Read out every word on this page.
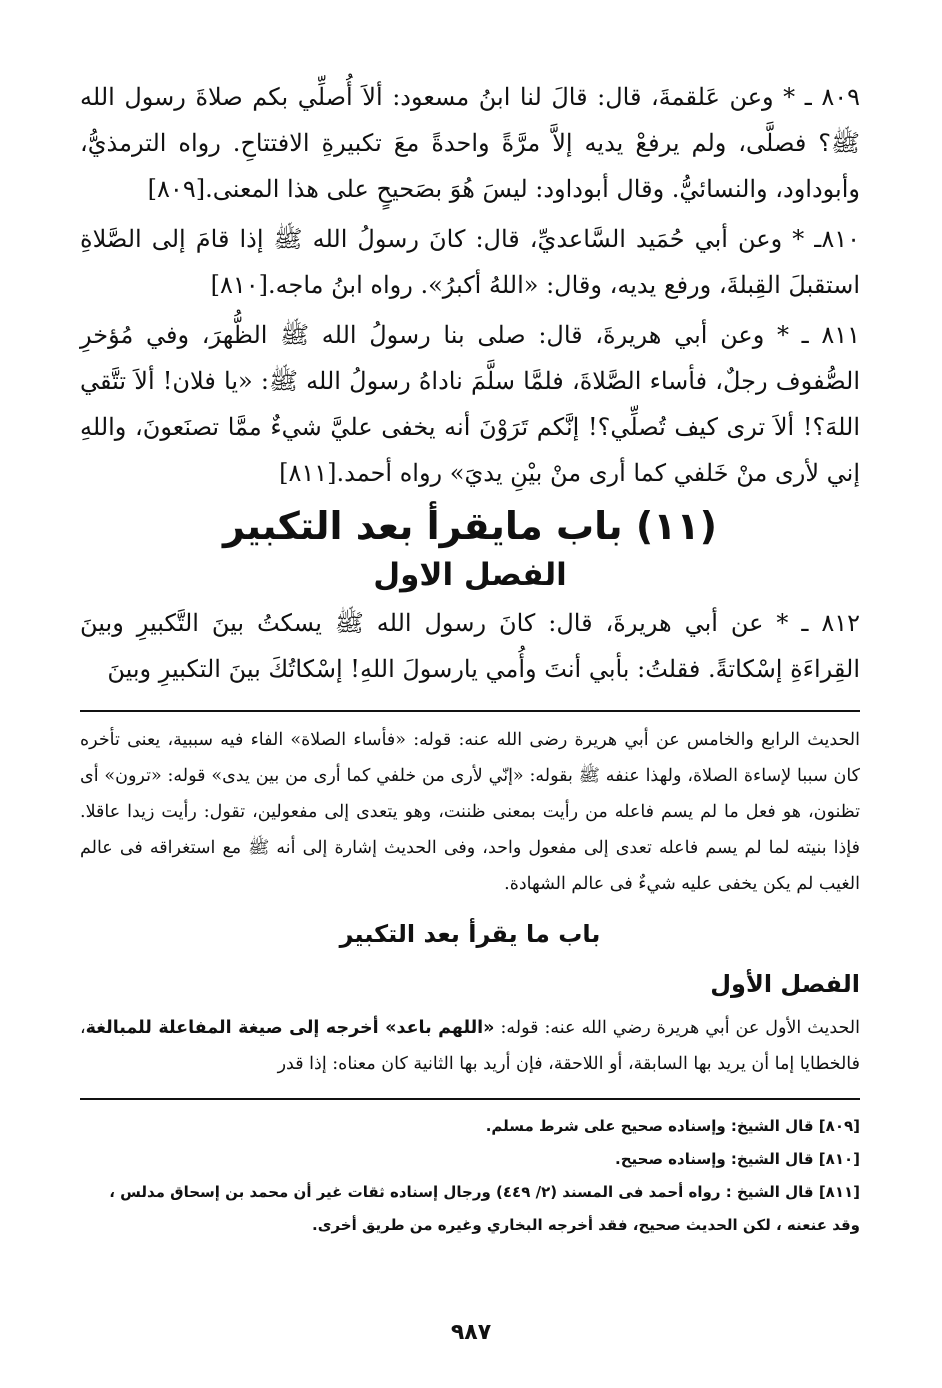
٨٠٩ ـ * وعن عَلقمةَ، قال: قالَ لنا ابنُ مسعود: ألاَ أُصلِّي بكم صلاةَ رسول الله ﷺ؟ فصلَّى، ولم يرفعْ يديه إلاَّ مرَّةً واحدةً معَ تكبيرةِ الافتتاحِ. رواه الترمذيُّ، وأبوداود، والنسائيُّ. وقال أبوداود: ليسَ هُوَ بصَحيحٍ على هذا المعنى.[٨٠٩]

٨١٠ـ * وعن أبي حُمَيد السَّاعديِّ، قال: كانَ رسولُ الله ﷺ إذا قامَ إلى الصَّلاةِ استقبلَ القِبلةَ، ورفع يديه، وقال: «اللهُ أكبرُ». رواه ابنُ ماجه.[٨١٠]

٨١١ ـ * وعن أبي هريرةَ، قال: صلى بنا رسولُ الله ﷺ الظُّهرَ، وفي مُؤخرِ الصُّفوف رجلٌ، فأساء الصَّلاةَ، فلمَّا سلَّمَ ناداهُ رسولُ الله ﷺ: «يا فلان! ألاَ تتَّقي اللهَ؟! ألاَ ترى كيف تُصلِّي؟! إنَّكم تَرَوْنَ أنه يخفى عليَّ شيءٌ ممَّا تصنَعونَ، واللهِ إني لأرى منْ خَلفي كما أرى منْ بيْنِ يديَ» رواه أحمد.[٨١١]

(١١) باب مايقرأ بعد التكبير
الفصل الاول

٨١٢ ـ * عن أبي هريرةَ، قال: كانَ رسول الله ﷺ يسكتُ بينَ التَّكبيرِ وبينَ القِراءَةِ إسْكاتةً. فقلتُ: بأبي أنتَ وأُمي يارسولَ اللهِ! إسْكاتُكَ بينَ التكبيرِ وبينَ

الحديث الرابع والخامس عن أبي هريرة رضى الله عنه: قوله: «فأساء الصلاة» الفاء فيه سببية، يعنى تأخره كان سببا لإساءة الصلاة، ولهذا عنفه ﷺ بقوله: «إنّي لأرى من خلفي كما أرى من بين يدى» قوله: «ترون» أى تظنون، هو فعل ما لم يسم فاعله من رأيت بمعنى ظننت، وهو يتعدى إلى مفعولين، تقول: رأيت زيدا عاقلا. فإذا بنيته لما لم يسم فاعله تعدى إلى مفعول واحد، وفى الحديث إشارة إلى أنه ﷺ مع استغراقه فى عالم الغيب لم يكن يخفى عليه شيءٌ فى عالم الشهادة.

باب ما يقرأ بعد التكبير
الفصل الأول

الحديث الأول عن أبي هريرة رضي الله عنه: قوله: «اللهم باعد» أخرجه إلى صيغة المفاعلة للمبالغة، فالخطايا إما أن يريد بها السابقة، أو اللاحقة، فإن أريد بها الثانية كان معناه: إذا قدر

[٨٠٩] قال الشيخ: وإسناده صحيح على شرط مسلم.

[٨١٠] قال الشيخ: وإسناده صحيح.

[٨١١] قال الشيخ : رواه أحمد فى المسند (٢/ ٤٤٩) ورجال إسناده ثقات غير أن محمد بن إسحاق مدلس ، وقد عنعنه ، لكن الحديث صحيح، فقد أخرجه البخاري وغيره من طريق أخرى.

٩٨٧
